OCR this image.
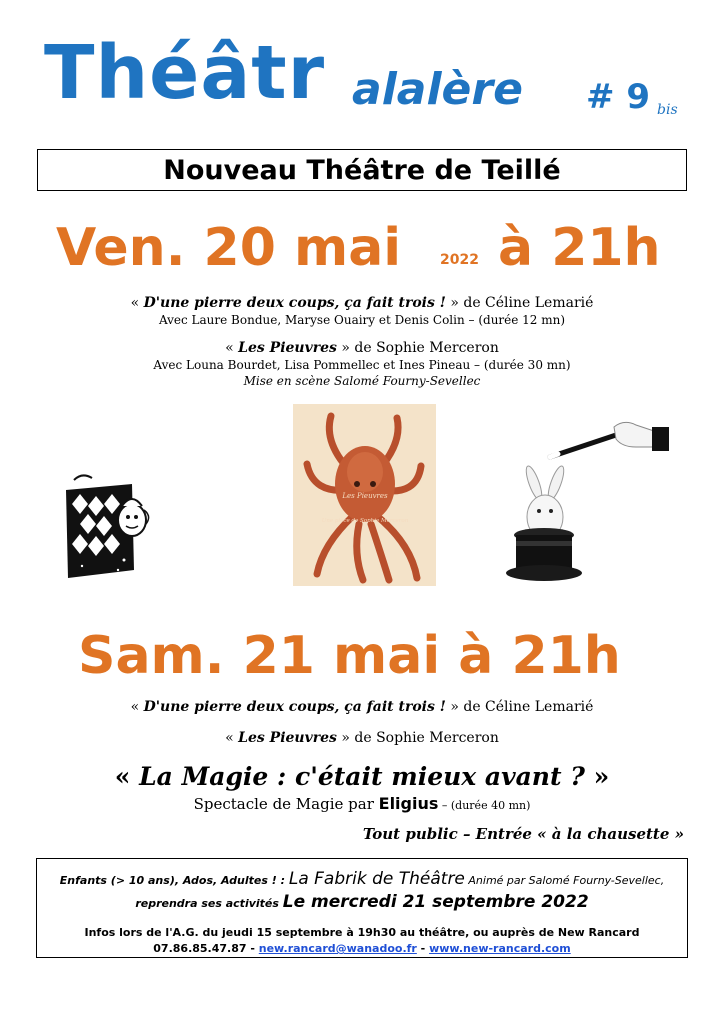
Théâtr alalère # 9 bis
Nouveau Théâtre de Teillé
Ven. 20 mai	2022 à 21h
« D'une pierre deux coups, ça fait trois ! » de Céline Lemarié
Avec Laure Bondue, Maryse Ouairy et Denis Colin – (durée 12 mn)
« Les Pieuvres » de Sophie Merceron
Avec Louna Bourdet, Lisa Pommellec et Ines Pineau – (durée 30 mn)
Mise en scène Salomé Fourny-Sevellec
Les Pieuvres
Une pièce de Sophie Merceron
Sam. 21 mai à 21h
« D'une pierre deux coups, ça fait trois ! » de Céline Lemarié
« Les Pieuvres » de Sophie Merceron
« La Magie : c'était mieux avant ? »
Spectacle de Magie par Eligius – (durée 40 mn)
Tout public – Entrée « à la chausette »
Enfants (> 10 ans), Ados, Adultes ! : La Fabrik de Théâtre Animé par Salomé Fourny-Sevellec,
reprendra ses activités Le mercredi 21 septembre 2022
Infos lors de l'A.G. du jeudi 15 septembre à 19h30 au théâtre, ou auprès de New Rancard
07.86.85.47.87 - new.rancard@wanadoo.fr - www.new-rancard.com
